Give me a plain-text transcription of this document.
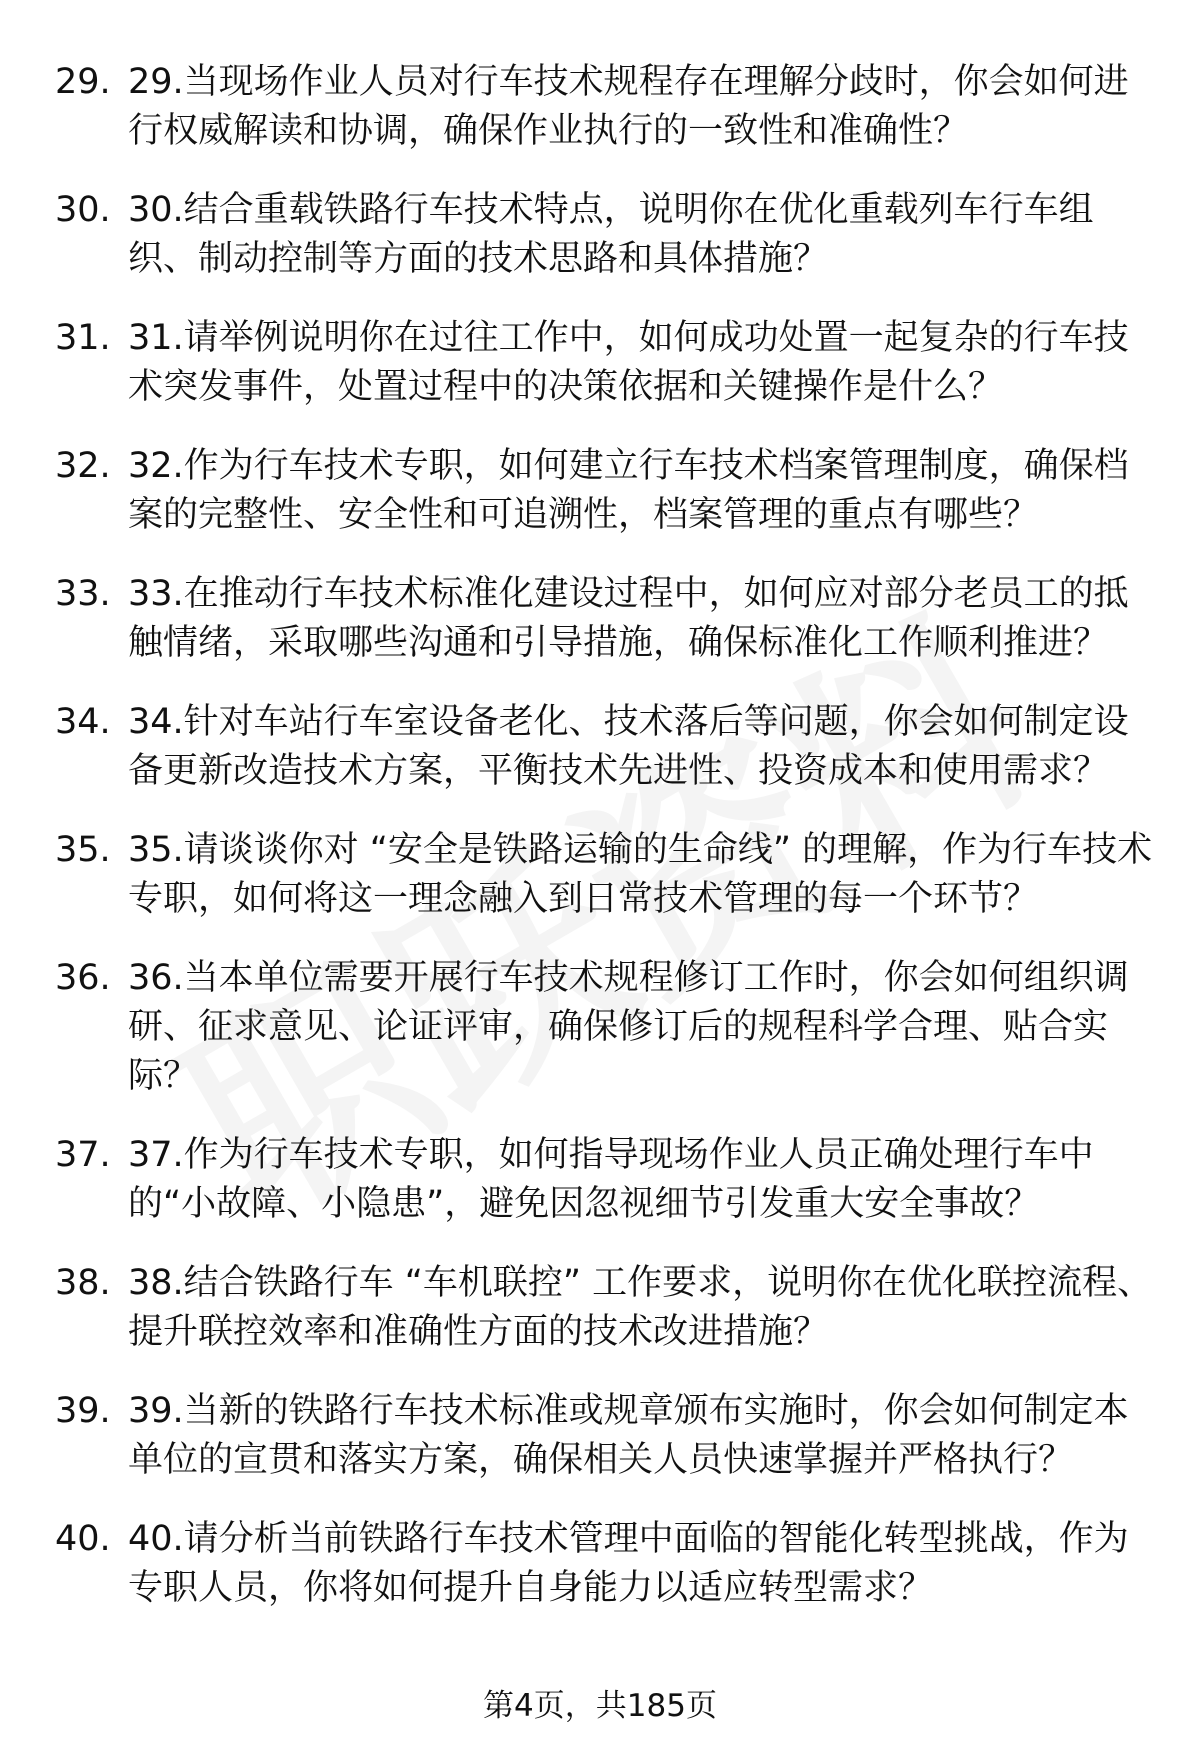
29. 29.当现场作业人员对行车技术规程存在理解分歧时，你会如何进行权威解读和协调，确保作业执行的一致性和准确性？
30. 30.结合重载铁路行车技术特点，说明你在优化重载列车行车组织、制动控制等方面的技术思路和具体措施？
31. 31.请举例说明你在过往工作中，如何成功处置一起复杂的行车技术突发事件，处置过程中的决策依据和关键操作是什么？
32. 32.作为行车技术专职，如何建立行车技术档案管理制度，确保档案的完整性、安全性和可追溯性，档案管理的重点有哪些？
33. 33.在推动行车技术标准化建设过程中，如何应对部分老员工的抵触情绪，采取哪些沟通和引导措施，确保标准化工作顺利推进？
34. 34.针对车站行车室设备老化、技术落后等问题，你会如何制定设备更新改造技术方案，平衡技术先进性、投资成本和使用需求？
35. 35.请谈谈你对 “安全是铁路运输的生命线” 的理解，作为行车技术专职，如何将这一理念融入到日常技术管理的每一个环节？
36. 36.当本单位需要开展行车技术规程修订工作时，你会如何组织调研、征求意见、论证评审，确保修订后的规程科学合理、贴合实际？
37. 37.作为行车技术专职，如何指导现场作业人员正确处理行车中的“小故障、小隐患”，避免因忽视细节引发重大安全事故？
38. 38.结合铁路行车 “车机联控” 工作要求，说明你在优化联控流程、提升联控效率和准确性方面的技术改进措施？
39. 39.当新的铁路行车技术标准或规章颁布实施时，你会如何制定本单位的宣贯和落实方案，确保相关人员快速掌握并严格执行？
40. 40.请分析当前铁路行车技术管理中面临的智能化转型挑战，作为专职人员，你将如何提升自身能力以适应转型需求？
第4页，共185页
